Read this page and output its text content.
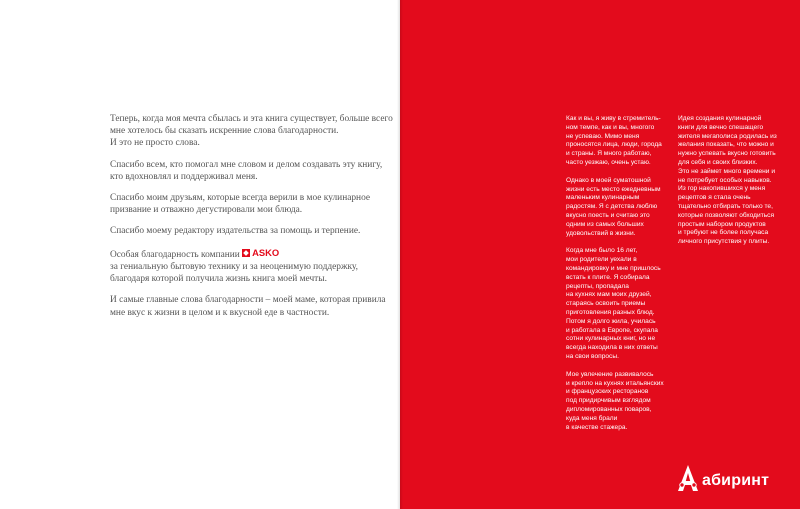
Теперь, когда моя мечта сбылась и эта книга существует, больше всего
мне хотелось бы сказать искренние слова благодарности.
И это не просто слова.

Спасибо всем, кто помогал мне словом и делом создавать эту книгу,
кто вдохновлял и поддерживал меня.

Спасибо моим друзьям, которые всегда верили в мое кулинарное
призвание и отважно дегустировали мои блюда.

Спасибо моему редактору издательства за помощь и терпение.

Особая благодарность компании ASKO

за гениальную бытовую технику и за неоценимую поддержку,
благодаря которой получила жизнь книга моей мечты.

И самые главные слова благодарности – моей маме, которая привила
мне вкус к жизни в целом и к вкусной еде в частности.

Как и вы, я живу в стремитель-
ном темпе, как и вы, многого
не успеваю. Мимо меня
проносятся лица, люди, города
и страны. Я много работаю,
часто уезжаю, очень устаю.

Однако в моей суматошной
жизни есть место ежедневным
маленьким кулинарным
радостям. Я с детства люблю
вкусно поесть и считаю это
одним из самых больших
удовольствий в жизни.

Когда мне было 16 лет,
мои родители уехали в
командировку и мне пришлось
встать к плите. Я собирала
рецепты, пропадала
на кухнях мам моих друзей,
стараясь освоить приемы
приготовления разных блюд.
Потом я долго жила, училась
и работала в Европе, скупала
сотни кулинарных книг, но не
всегда находила в них ответы
на свои вопросы.

Мое увлечение развивалось
и крепло на кухнях итальянских
и французских ресторанов
под придирчивым взглядом
дипломированных поваров,
куда меня брали
в качестве стажера.

Идея создания кулинарной
книги для вечно спешащего
жителя мегаполиса родилась из
желания показать, что можно и
нужно успевать вкусно готовить
для себя и своих близких.
Это не займет много времени и
не потребует особых навыков.
Из гор накопившихся у меня
рецептов я стала очень
тщательно отбирать только те,
которые позволяют обходиться
простым набором продуктов
и требуют не более получаса
личного присутствия у плиты.

абиринт
